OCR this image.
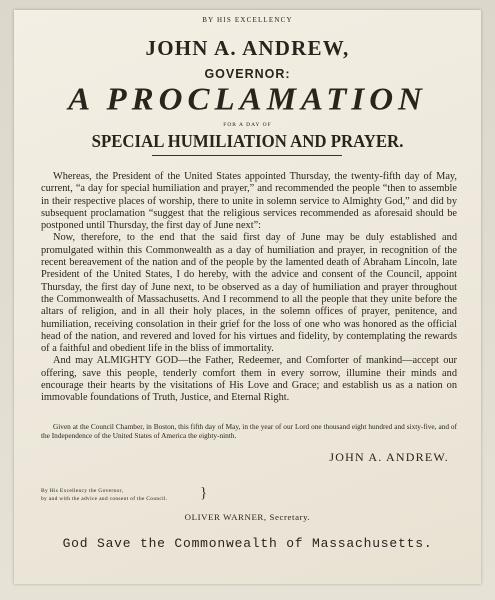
BY HIS EXCELLENCY
JOHN A. ANDREW,
GOVERNOR:
A PROCLAMATION
FOR A DAY OF
SPECIAL HUMILIATION AND PRAYER.

Whereas, the President of the United States appointed Thursday, the twenty-fifth day of May, current, “a day for special humiliation and prayer,” and recommended the people “then to assemble in their respective places of worship, there to unite in solemn service to Almighty God,” and did by subsequent proclamation “suggest that the religious services recommended as aforesaid should be postponed until Thursday, the first day of June next”:

Now, therefore, to the end that the said first day of June may be duly established and promulgated within this Commonwealth as a day of humiliation and prayer, in recognition of the recent bereavement of the nation and of the people by the lamented death of Abraham Lincoln, late President of the United States, I do hereby, with the advice and consent of the Council, appoint Thursday, the first day of June next, to be observed as a day of humiliation and prayer throughout the Commonwealth of Massachusetts. And I recommend to all the people that they unite before the altars of religion, and in all their holy places, in the solemn offices of prayer, penitence, and humiliation, receiving consolation in their grief for the loss of one who was honored as the official head of the nation, and revered and loved for his virtues and fidelity, by contemplating the rewards of a faithful and obedient life in the bliss of immortality.

And may ALMIGHTY GOD—the Father, Redeemer, and Comforter of mankind—accept our offering, save this people, tenderly comfort them in every sorrow, illumine their minds and encourage their hearts by the visitations of His Love and Grace; and establish us as a nation on immovable foundations of Truth, Justice, and Eternal Right.

Given at the Council Chamber, in Boston, this fifth day of May, in the year of our Lord one thousand eight hundred and sixty-five, and of the Independence of the United States of America the eighty-ninth.
JOHN A. ANDREW.
By His Excellency the Governor,
by and with the advice and consent of the Council. }
OLIVER WARNER, Secretary.
God Save the Commonwealth of Massachusetts.
